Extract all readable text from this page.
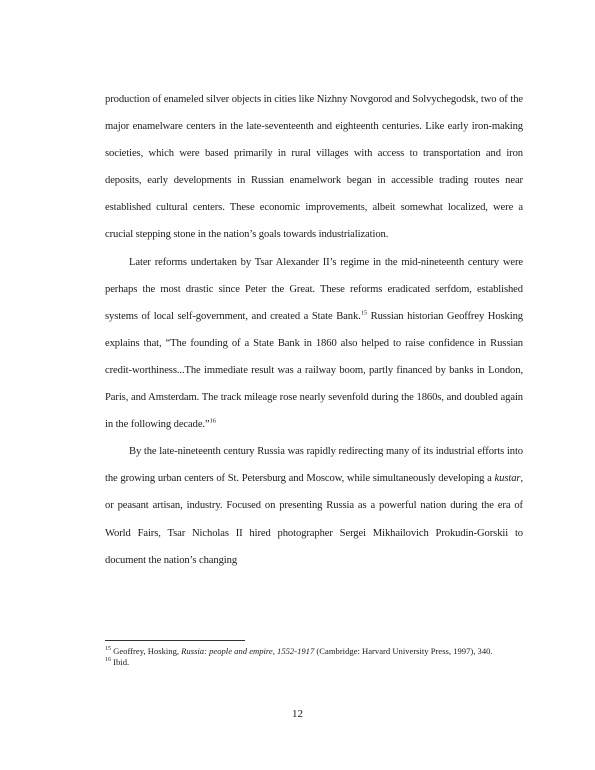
production of enameled silver objects in cities like Nizhny Novgorod and Solvychegodsk, two of the major enamelware centers in the late-seventeenth and eighteenth centuries. Like early iron-making societies, which were based primarily in rural villages with access to transportation and iron deposits, early developments in Russian enamelwork began in accessible trading routes near established cultural centers. These economic improvements, albeit somewhat localized, were a crucial stepping stone in the nation’s goals towards industrialization.

Later reforms undertaken by Tsar Alexander II’s regime in the mid-nineteenth century were perhaps the most drastic since Peter the Great. These reforms eradicated serfdom, established systems of local self-government, and created a State Bank.$^{15}$ Russian historian Geoffrey Hosking explains that, “The founding of a State Bank in 1860 also helped to raise confidence in Russian credit-worthiness...The immediate result was a railway boom, partly financed by banks in London, Paris, and Amsterdam. The track mileage rose nearly sevenfold during the 1860s, and doubled again in the following decade.”$^{16}$

By the late-nineteenth century Russia was rapidly redirecting many of its industrial efforts into the growing urban centers of St. Petersburg and Moscow, while simultaneously developing a kustar, or peasant artisan, industry. Focused on presenting Russia as a powerful nation during the era of World Fairs, Tsar Nicholas II hired photographer Sergei Mikhailovich Prokudin-Gorskii to document the nation’s changing

$^{15}$ Geoffrey, Hosking, Russia: people and empire, 1552-1917 (Cambridge: Harvard University Press, 1997), 340.

$^{16}$ Ibid.

12
